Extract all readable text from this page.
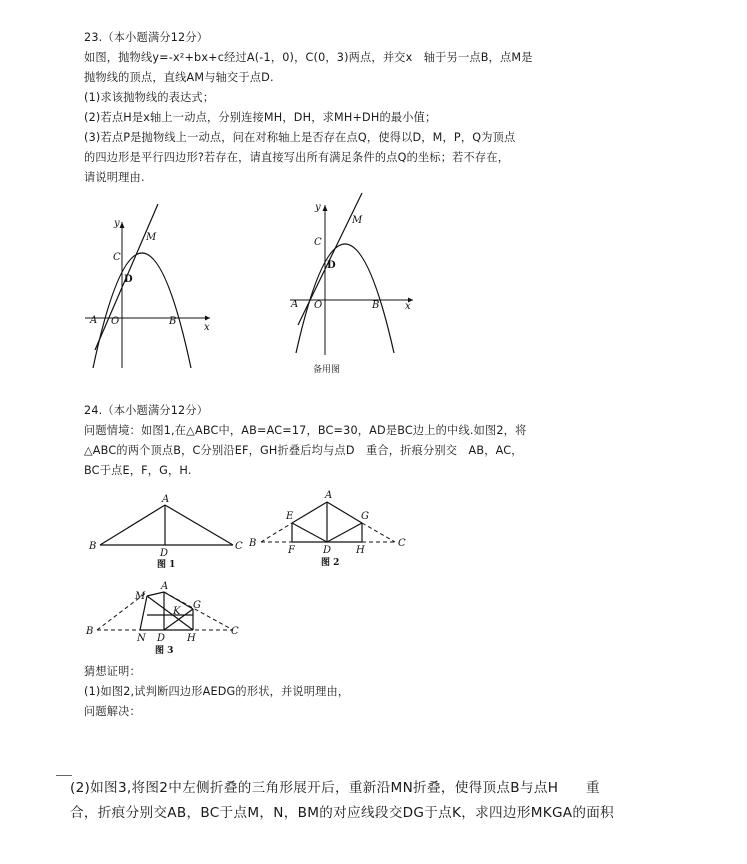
23.（本小题满分12分）
如图，抛物线y=-x²+bx+c经过A(-1，0)，C(0，3)两点，并交x　轴于另一点B，点M是
抛物线的顶点，直线AM与轴交于点D.
(1)求该抛物线的表达式；
(2)若点H是x轴上一动点，分别连接MH，DH，求MH+DH的最小值；
(3)若点P是抛物线上一动点，问在对称轴上是否存在点Q，使得以D，M，P，Q为顶点
的四边形是平行四边形?若存在，请直接写出所有满足条件的点Q的坐标；若不存在，
请说明理由.
y
x
M
C
D
A O	B
y
x
M
C
D
A O	B
备用图
24.（本小题满分12分）
问题情境：如图1,在△ABC中，AB=AC=17，BC=30，AD是BC边上的中线.如图2，将
△ABC的两个顶点B，C分别沿EF，GH折叠后均与点D　重合，折痕分别交　AB，AC，
BC于点E，F，G，H.
A
B	C
D
图 1
A
B	C
D
E
F
G
H
图 2
A
M
G
K
B	C
N D H
图 3
猜想证明：
(1)如图2,试判断四边形AEDG的形状，并说明理由，
问题解决：
(2)如图3,将图2中左侧折叠的三角形展开后，重新沿MN折叠，使得顶点B与点H　　重
合，折痕分别交AB，BC于点M，N，BM的对应线段交DG于点K，求四边形MKGA的面积
